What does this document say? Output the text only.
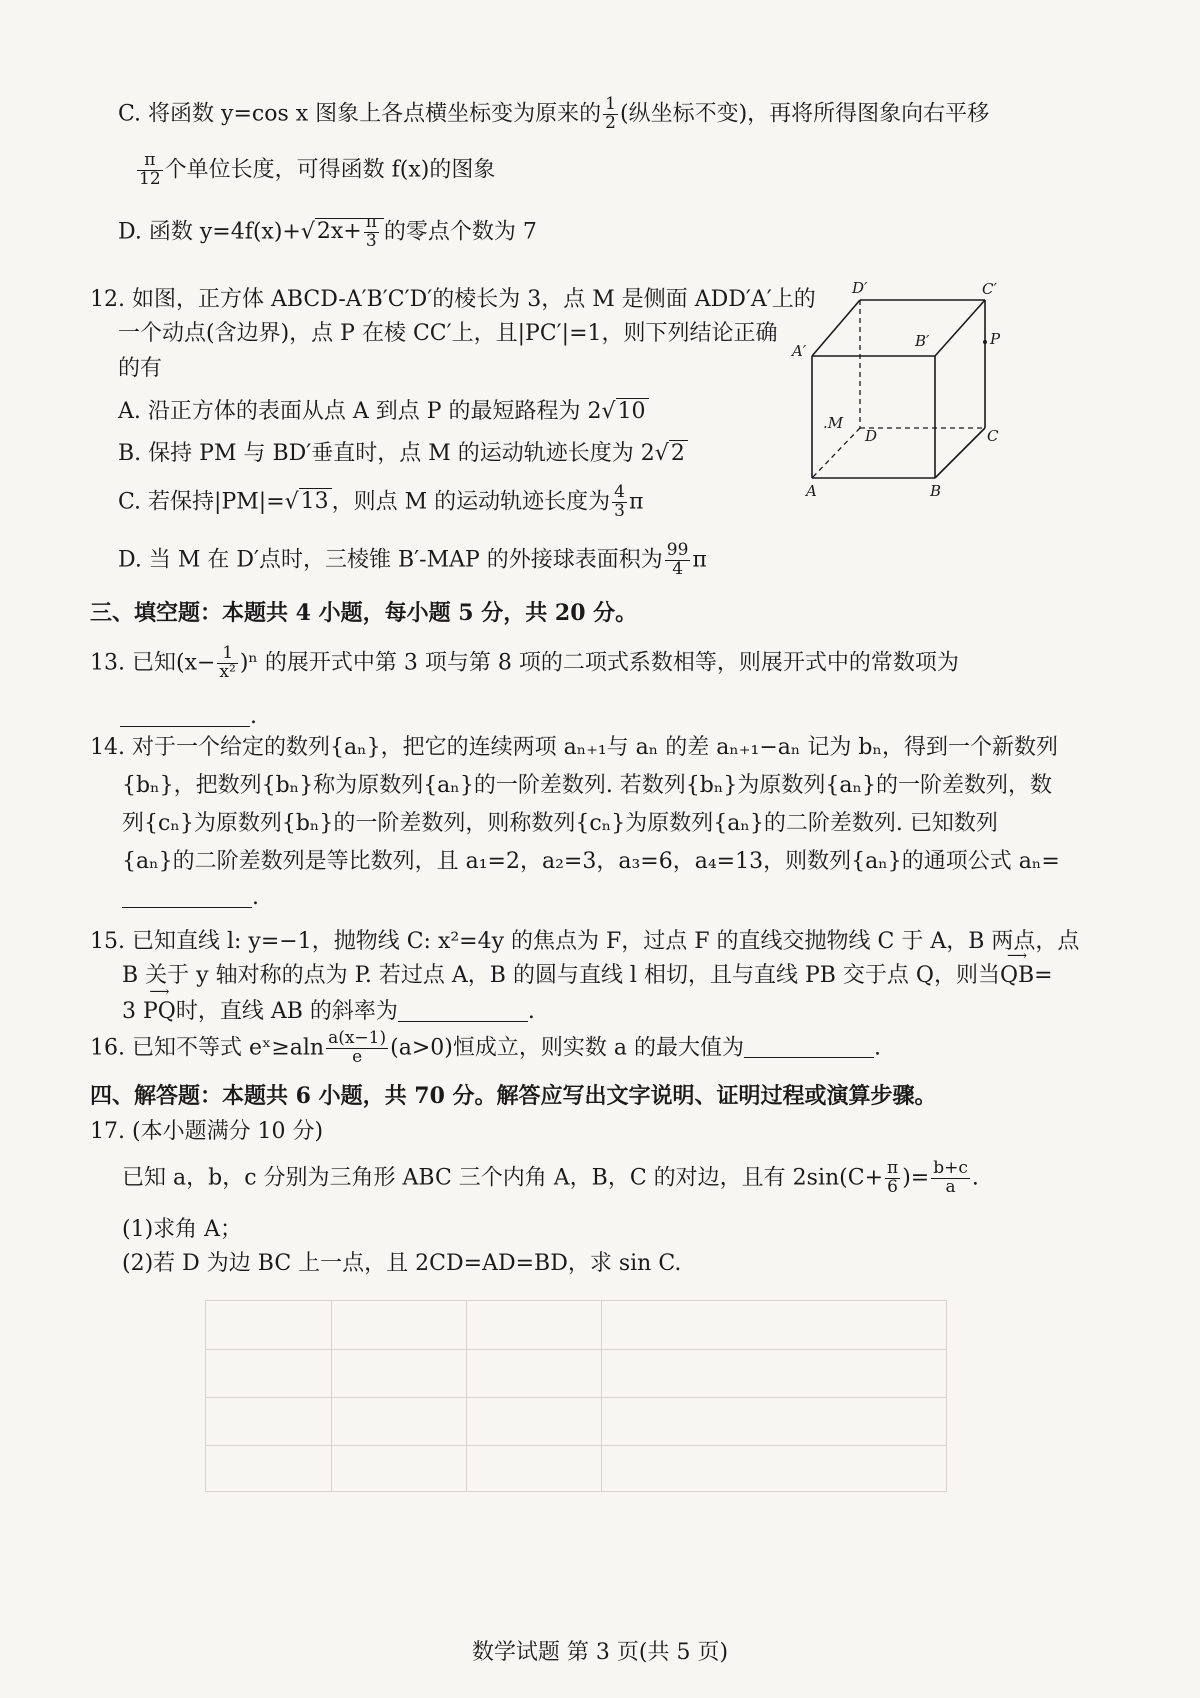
C. 将函数 y=cos x 图象上各点横坐标变为原来的 $\frac{1}{2}$ (纵坐标不变)，再将所得图象向右平移
$\frac{\pi}{12}$ 个单位长度，可得函数 f(x)的图象
D. 函数 $y=4f(x)+√2x+ \frac{\pi}{3}$ 的零点个数为 7
12. 如图，正方体 ABCD-A′B′C′D′的棱长为 3，点 M 是侧面 ADD′A′上的
一个动点(含边界)，点 P 在棱 CC′上，且|PC′|=1，则下列结论正确
的有
A. 沿正方体的表面从点 A 到点 P 的最短路程为 2√10
B. 保持 PM 与 BD′垂直时，点 M 的运动轨迹长度为 2√2
C. 若保持|PM|=√13 ，则点 M 的运动轨迹长度为 $\frac{4}{3}$ π
D. 当 M 在 D′点时，三棱锥 B′-MAP 的外接球表面积为 $\frac{99}{4}$ π
D′	C′
A′
B′	P
.M
D	C
A	B
三、填空题：本题共 4 小题，每小题 5 分，共 20 分。
13. 已知$(x- \frac{1}{\text{x²}} )^n$ 的展开式中第 3 项与第 8 项的二项式系数相等，则展开式中的常数项为
.
14. 对于一个给定的数列{aₙ}，把它的连续两项 aₙ₊₁与 aₙ 的差 aₙ₊₁−aₙ 记为 bₙ，得到一个新数列
{bₙ}，把数列{bₙ}称为原数列{aₙ}的一阶差数列. 若数列{bₙ}为原数列{aₙ}的一阶差数列，数
列{cₙ}为原数列{bₙ}的一阶差数列，则称数列{cₙ}为原数列{aₙ}的二阶差数列. 已知数列
{aₙ}的二阶差数列是等比数列，且 a₁=2，a₂=3，a₃=6，a₄=13，则数列{aₙ}的通项公式 aₙ=
.
15. 已知直线 l: y=−1，抛物线 C: x²=4y 的焦点为 F，过点 F 的直线交抛物线 C 于 A，B 两点，点
B 关于 y 轴对称的点为 P. 若过点 A，B 的圆与直线 l 相切，且与直线 PB 交于点 Q，则当⟶ QB=
3 ⟶ PQ时，直线 AB 的斜率为	.
16. 已知不等式 eˣ≥aln $\frac{a(x-1)}{e} (a>0)$恒成立，则实数 a 的最大值为	.
四、解答题：本题共 6 小题，共 70 分。解答应写出文字说明、证明过程或演算步骤。
17. (本小题满分 10 分)
已知 a，b，c 分别为三角形 ABC 三个内角 A，B，C 的对边，且有 $2\sin(C+ \frac{\pi}{6}$ )= $\frac{b+c}{a}$ .
(1)求角 A；
(2)若 D 为边 BC 上一点，且 2CD=AD=BD，求 sin C.
数学试题 第 3 页(共 5 页)
